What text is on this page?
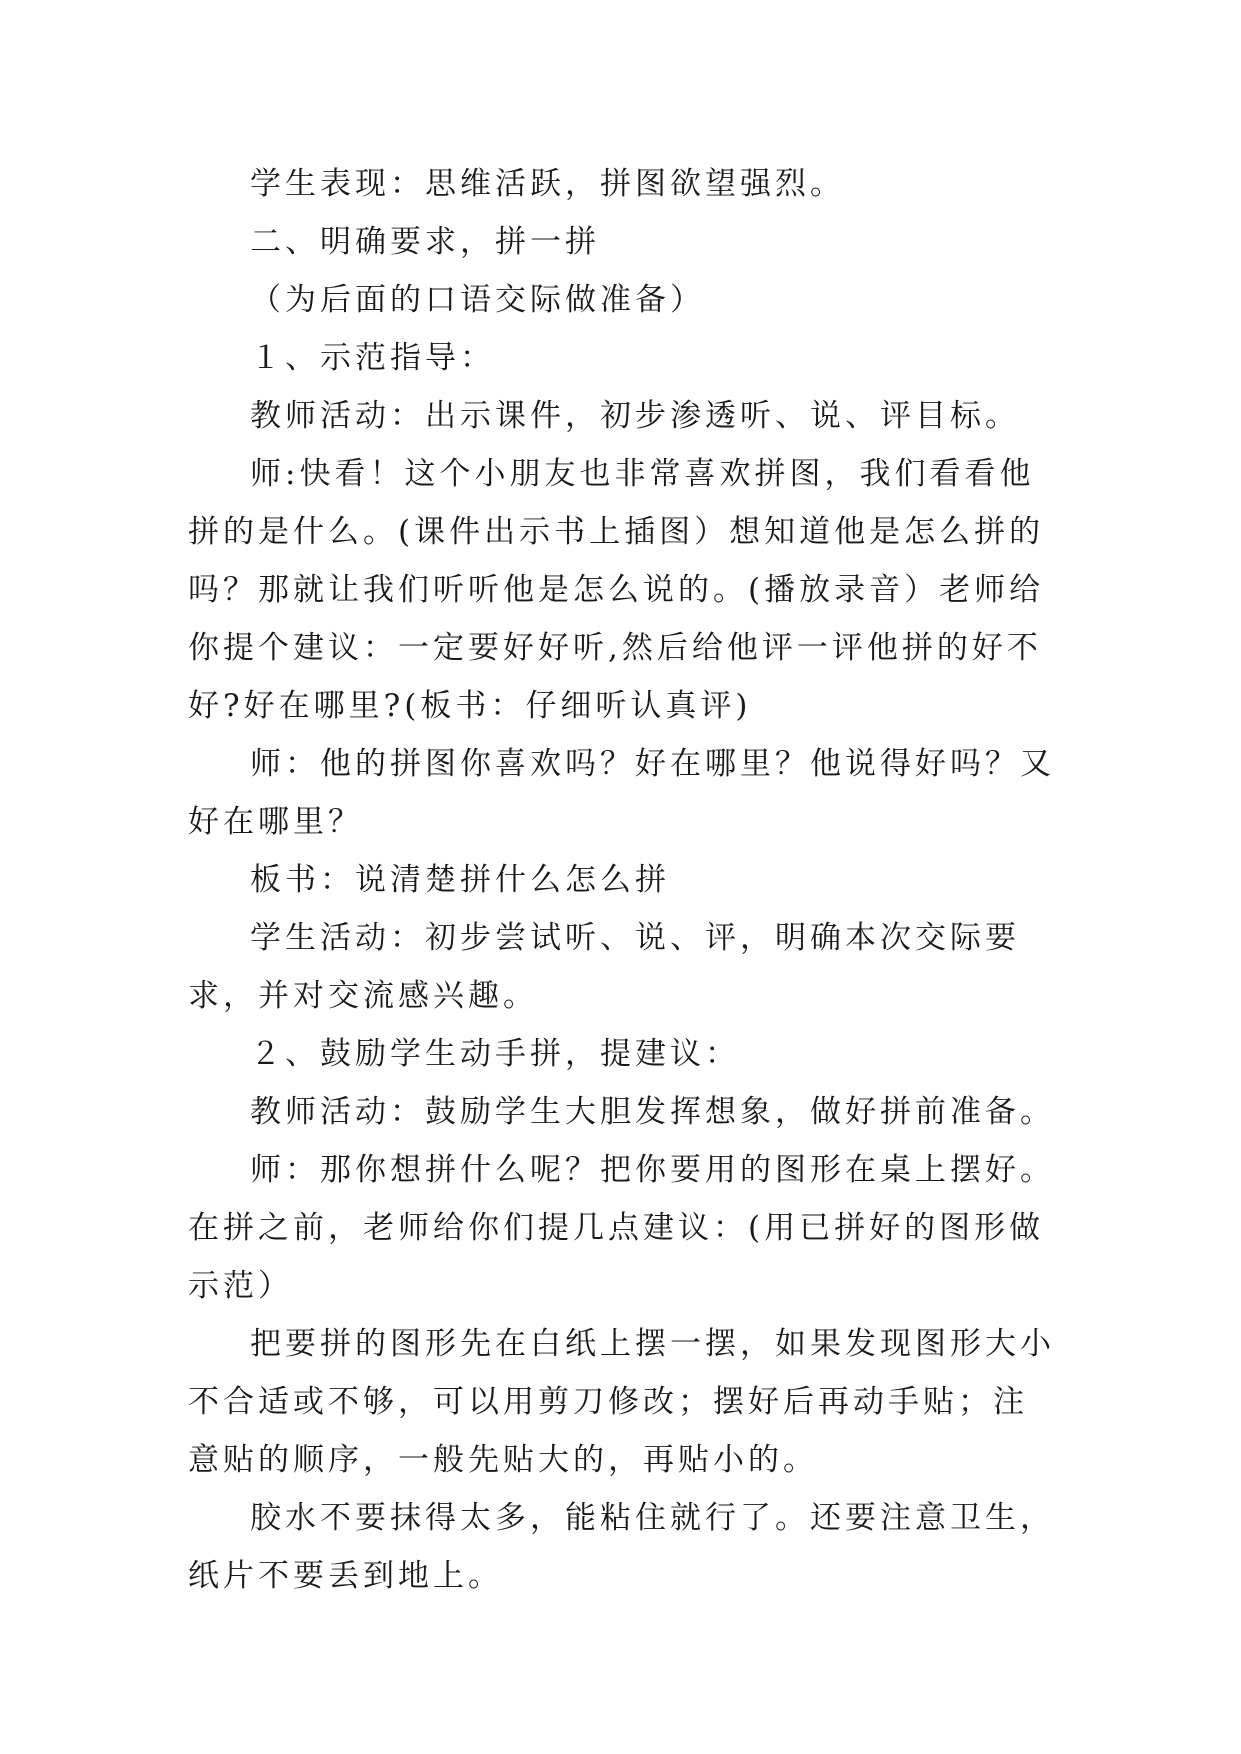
学生表现：思维活跃，拼图欲望强烈。

二、明确要求，拼一拼

（为后面的口语交际做准备）

１、示范指导：

教师活动：出示课件，初步渗透听、说、评目标。

师:快看！这个小朋友也非常喜欢拼图，我们看看他拼的是什么。(课件出示书上插图）想知道他是怎么拼的吗？那就让我们听听他是怎么说的。(播放录音）老师给你提个建议：一定要好好听,然后给他评一评他拼的好不好?好在哪里?(板书：仔细听认真评)

师：他的拼图你喜欢吗？好在哪里？他说得好吗？又好在哪里？

板书：说清楚拼什么怎么拼

学生活动：初步尝试听、说、评，明确本次交际要求，并对交流感兴趣。

２、鼓励学生动手拼，提建议：

教师活动：鼓励学生大胆发挥想象，做好拼前准备。

师：那你想拼什么呢？把你要用的图形在桌上摆好。在拼之前，老师给你们提几点建议：(用已拼好的图形做示范）

把要拼的图形先在白纸上摆一摆，如果发现图形大小不合适或不够，可以用剪刀修改；摆好后再动手贴；注意贴的顺序，一般先贴大的，再贴小的。

胶水不要抹得太多，能粘住就行了。还要注意卫生，纸片不要丢到地上。
